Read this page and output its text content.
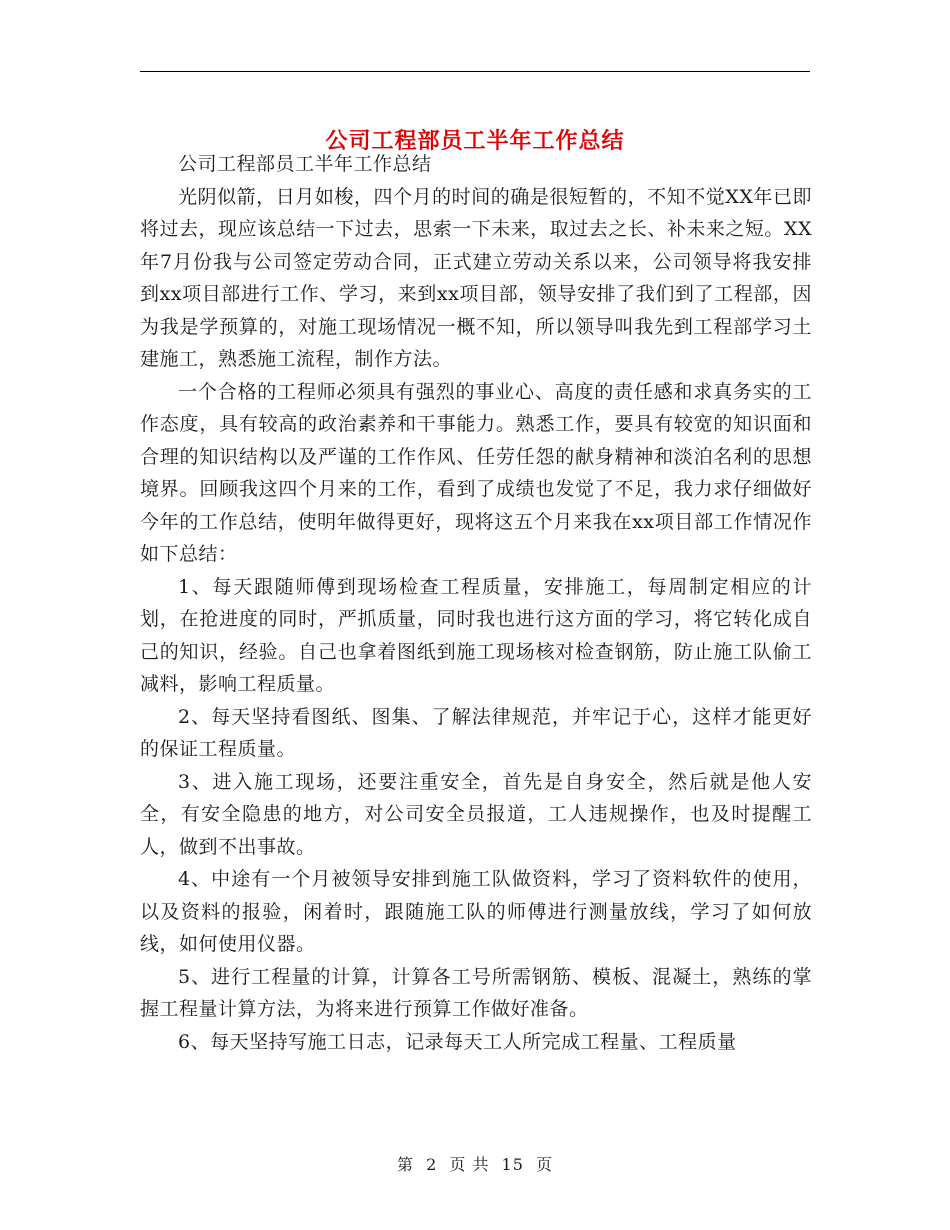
公司工程部员工半年工作总结

公司工程部员工半年工作总结

光阴似箭，日月如梭，四个月的时间的确是很短暂的，不知不觉XX年已即将过去，现应该总结一下过去，思索一下未来，取过去之长、补未来之短。XX年7月份我与公司签定劳动合同，正式建立劳动关系以来，公司领导将我安排到xx项目部进行工作、学习，来到xx项目部，领导安排了我们到了工程部，因为我是学预算的，对施工现场情况一概不知，所以领导叫我先到工程部学习土建施工，熟悉施工流程，制作方法。

一个合格的工程师必须具有强烈的事业心、高度的责任感和求真务实的工作态度，具有较高的政治素养和干事能力。熟悉工作，要具有较宽的知识面和合理的知识结构以及严谨的工作作风、任劳任怨的献身精神和淡泊名利的思想境界。回顾我这四个月来的工作，看到了成绩也发觉了不足，我力求仔细做好今年的工作总结，使明年做得更好，现将这五个月来我在xx项目部工作情况作如下总结：

1、每天跟随师傅到现场检查工程质量，安排施工，每周制定相应的计划，在抢进度的同时，严抓质量，同时我也进行这方面的学习，将它转化成自己的知识，经验。自己也拿着图纸到施工现场核对检查钢筋，防止施工队偷工减料，影响工程质量。

2、每天坚持看图纸、图集、了解法律规范，并牢记于心，这样才能更好的保证工程质量。

3、进入施工现场，还要注重安全，首先是自身安全，然后就是他人安全，有安全隐患的地方，对公司安全员报道，工人违规操作，也及时提醒工人，做到不出事故。

4、中途有一个月被领导安排到施工队做资料，学习了资料软件的使用，以及资料的报验，闲着时，跟随施工队的师傅进行测量放线，学习了如何放线，如何使用仪器。

5、进行工程量的计算，计算各工号所需钢筋、模板、混凝土，熟练的掌握工程量计算方法，为将来进行预算工作做好准备。

6、每天坚持写施工日志，记录每天工人所完成工程量、工程质量

第 2 页 共 15 页
